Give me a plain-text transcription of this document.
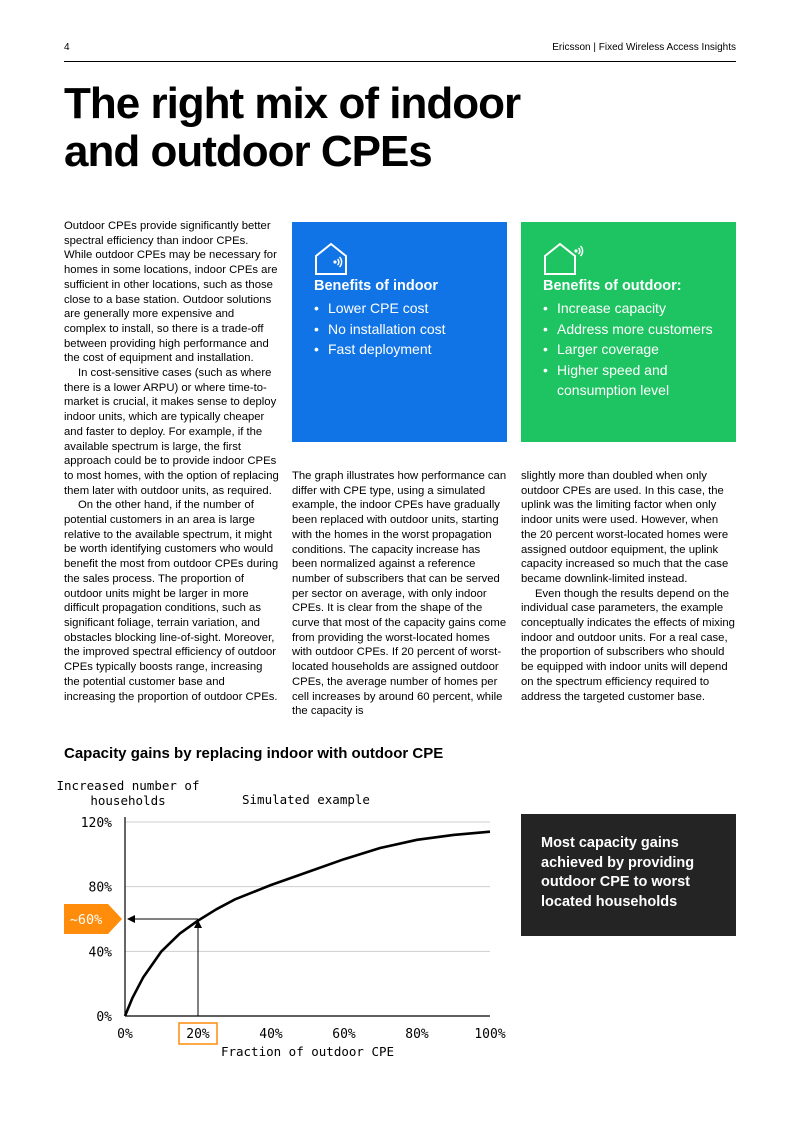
4	Ericsson | Fixed Wireless Access Insights
The right mix of indoor
and outdoor CPEs

Outdoor CPEs provide significantly better spectral efficiency than indoor CPEs. While outdoor CPEs may be necessary for homes in some locations, indoor CPEs are sufficient in other locations, such as those close to a base station. Outdoor solutions are generally more expensive and complex to install, so there is a trade-off between providing high performance and the cost of equipment and installation.

In cost-sensitive cases (such as where there is a lower ARPU) or where time-to-market is crucial, it makes sense to deploy indoor units, which are typically cheaper and faster to deploy. For example, if the available spectrum is large, the first approach could be to provide indoor CPEs to most homes, with the option of replacing them later with outdoor units, as required.

On the other hand, if the number of potential customers in an area is large relative to the available spectrum, it might be worth identifying customers who would benefit the most from outdoor CPEs during the sales process. The proportion of outdoor units might be larger in more difficult propagation conditions, such as significant foliage, terrain variation, and obstacles blocking line-of-sight. Moreover, the improved spectral efficiency of outdoor CPEs typically boosts range, increasing the potential customer base and increasing the proportion of outdoor CPEs.

Benefits of indoor
• Lower CPE cost
• No installation cost
• Fast deployment
Benefits of outdoor:
• Increase capacity
• Address more customers
• Larger coverage
• Higher speed and consumption level

The graph illustrates how performance can differ with CPE type, using a simulated example, the indoor CPEs have gradually been replaced with outdoor units, starting with the homes in the worst propagation conditions. The capacity increase has been normalized against a reference number of subscribers that can be served per sector on average, with only indoor CPEs. It is clear from the shape of the curve that most of the capacity gains come from providing the worst-located homes with outdoor CPEs. If 20 percent of worst-located households are assigned outdoor CPEs, the average number of homes per cell increases by around 60 percent, while the capacity is

slightly more than doubled when only outdoor CPEs are used. In this case, the uplink was the limiting factor when only indoor units were used. However, when the 20 percent worst-located homes were assigned outdoor equipment, the uplink capacity increased so much that the case became downlink-limited instead.

Even though the results depend on the individual case parameters, the example conceptually indicates the effects of mixing indoor and outdoor units. For a real case, the proportion of subscribers who should be equipped with indoor units will depend on the spectrum efficiency required to address the targeted customer base.

Capacity gains by replacing indoor with outdoor CPE
0%
40%
80%
120%
0%	20%	40%	60%	80%	100%
Increased number of
households	Simulated example
Fraction of outdoor CPE
~60%
Most capacity gains achieved by providing outdoor CPE to worst located households
